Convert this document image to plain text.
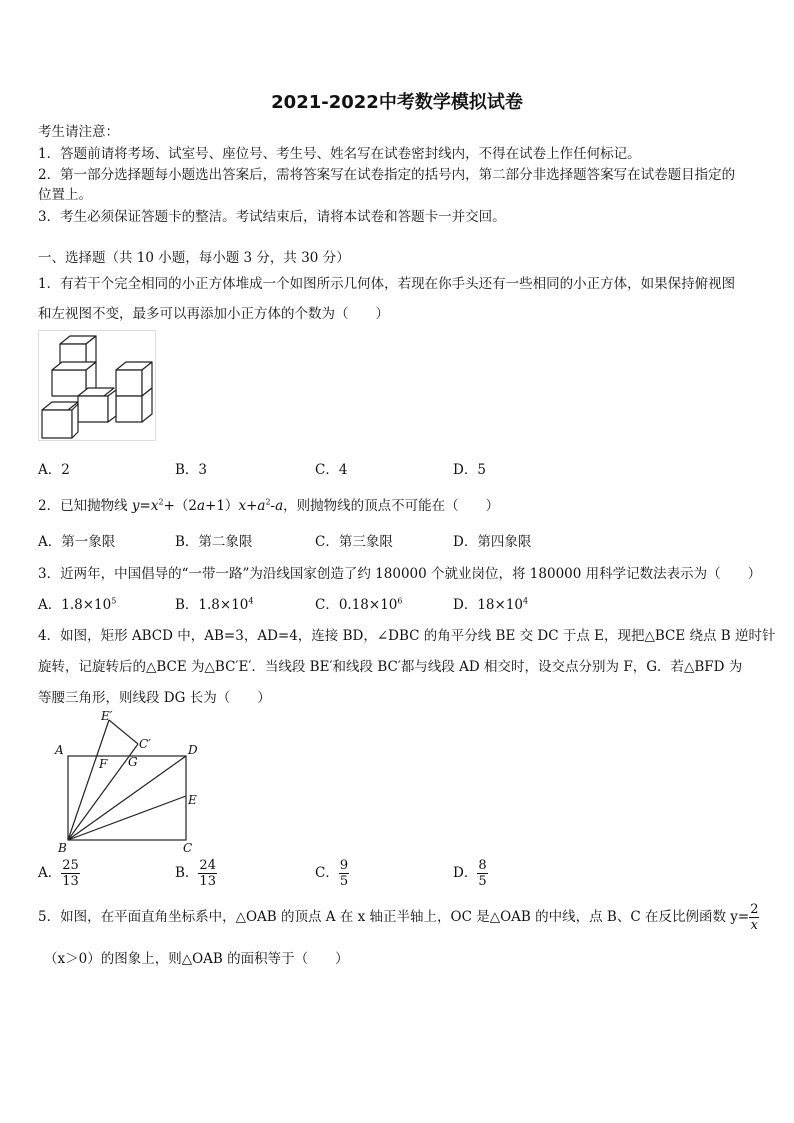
2021-2022中考数学模拟试卷
考生请注意：
1．答题前请将考场、试室号、座位号、考生号、姓名写在试卷密封线内，不得在试卷上作任何标记。
2．第一部分选择题每小题选出答案后，需将答案写在试卷指定的括号内，第二部分非选择题答案写在试卷题目指定的
位置上。
3．考生必须保证答题卡的整洁。考试结束后，请将本试卷和答题卡一并交回。
一、选择题（共 10 小题，每小题 3 分，共 30 分）
1．有若干个完全相同的小正方体堆成一个如图所示几何体，若现在你手头还有一些相同的小正方体，如果保持俯视图
和左视图不变，最多可以再添加小正方体的个数为（　　）
A．2	B．3	C．4	D．5
2．已知抛物线 $y=x^2+(2a+1)x+a^2-a$，则抛物线的顶点不可能在（　　）
A．第一象限	B．第二象限	C．第三象限	D．第四象限
3．近两年，中国倡导的“一带一路”为沿线国家创造了约 180000 个就业岗位，将 180000 用科学记数法表示为（　　）
A．$1.8\times 10^5$	B．$1.8\times 10^4$	C．$0.18\times 10^6$	D．$18\times 10^4$
4．如图，矩形 ABCD 中，AB=3，AD=4，连接 BD，∠DBC 的角平分线 BE 交 DC 于点 E，现把△BCE 绕点 B 逆时针
旋转，记旋转后的△BCE 为△BC′E′．当线段 BE′和线段 BC′都与线段 AD 相交时，设交点分别为 F，G．若△BFD 为
等腰三角形，则线段 DG 长为（　　）
E′
C′
A	D
F G
E
B	C
A． $\frac{25}{13}$	B． $\frac{24}{13}$	C． $\frac{9}{5}$	D． $\frac{8}{5}$
5．如图，在平面直角坐标系中，△OAB 的顶点 A 在 x 轴正半轴上，OC 是△OAB 的中线，点 B、C 在反比例函数 $y= \frac{2}{x}$
（x＞0）的图象上，则△OAB 的面积等于（　　）
